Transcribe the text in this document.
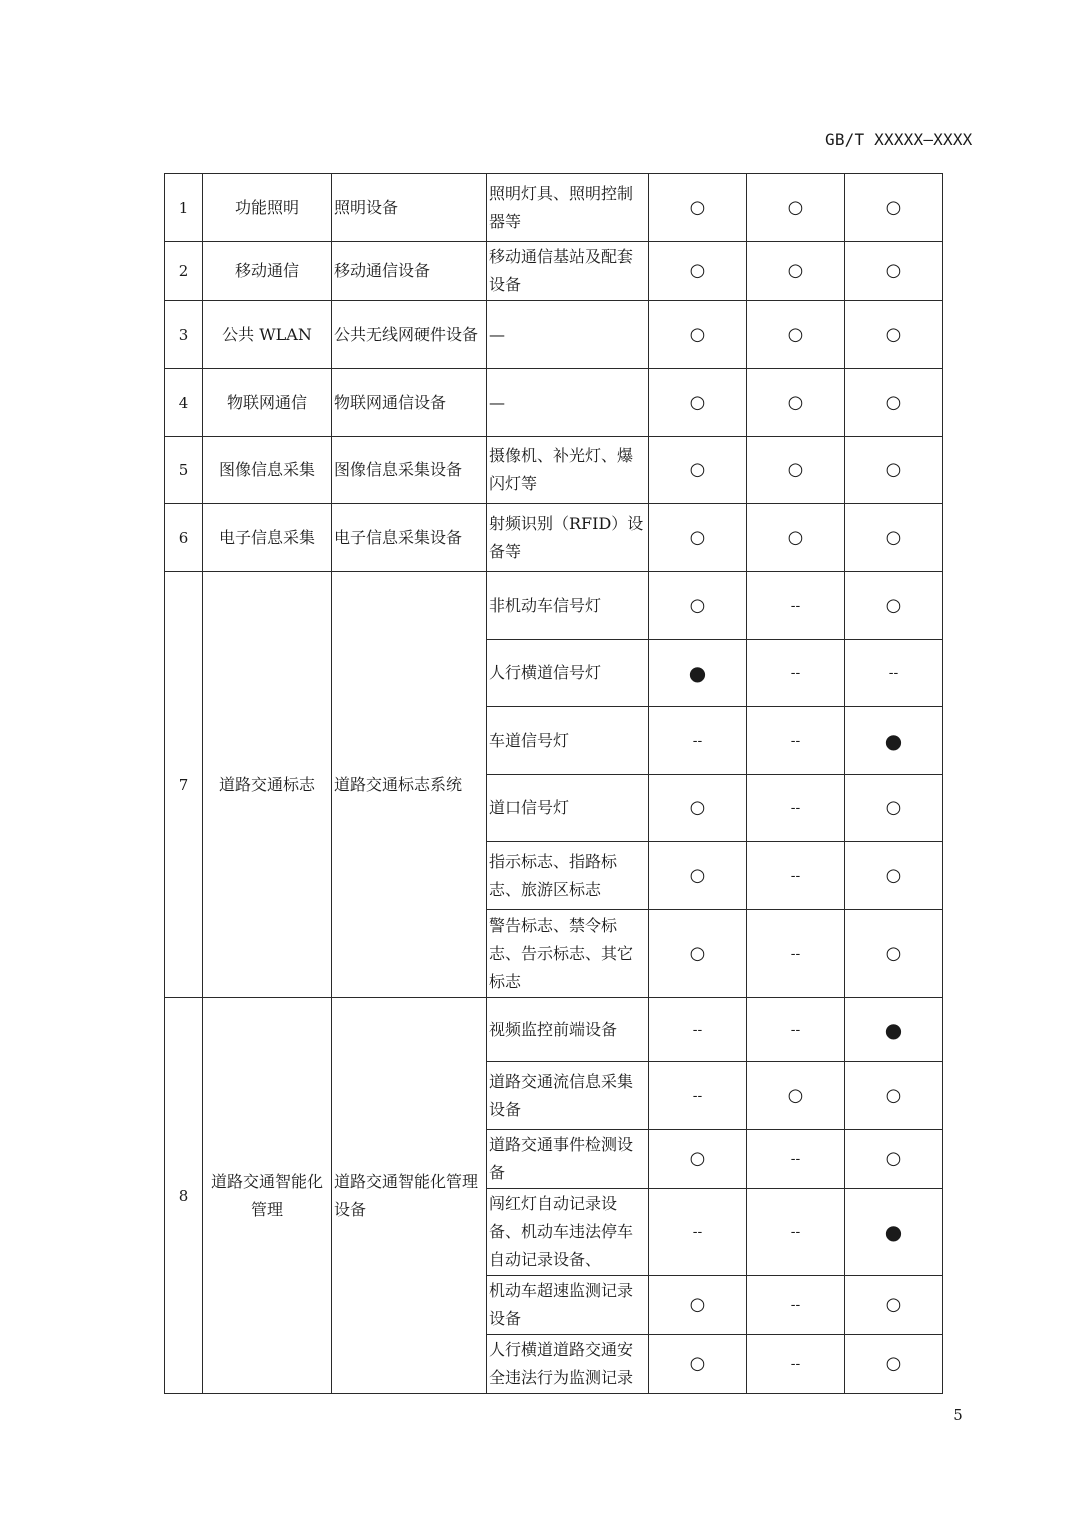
GB/T XXXXX—XXXX
1	功能照明	照明设备	照明灯具、照明控制器等	○	○	○
2	移动通信	移动通信设备	移动通信基站及配套设备	○	○	○
3	公共 WLAN	公共无线网硬件设备	—	○	○	○
4	物联网通信	物联网通信设备	—	○	○	○
5	图像信息采集	图像信息采集设备	摄像机、补光灯、爆闪灯等	○	○	○
6	电子信息采集	电子信息采集设备	射频识别（RFID）设备等	○	○	○
7	道路交通标志	道路交通标志系统	非机动车信号灯	○	--	○
			人行横道信号灯	●	--	--
			车道信号灯	--	--	●
			道口信号灯	○	--	○
			指示标志、指路标志、旅游区标志	○	--	○
			警告标志、禁令标志、告示标志、其它标志	○	--	○
8	道路交通智能化管理	道路交通智能化管理设备	视频监控前端设备	--	--	●
			道路交通流信息采集设备	--	○	○
			道路交通事件检测设备	○	--	○
			闯红灯自动记录设备、机动车违法停车自动记录设备、	--	--	●
			机动车超速监测记录设备	○	--	○
			人行横道道路交通安全违法行为监测记录	○	--	○
5
